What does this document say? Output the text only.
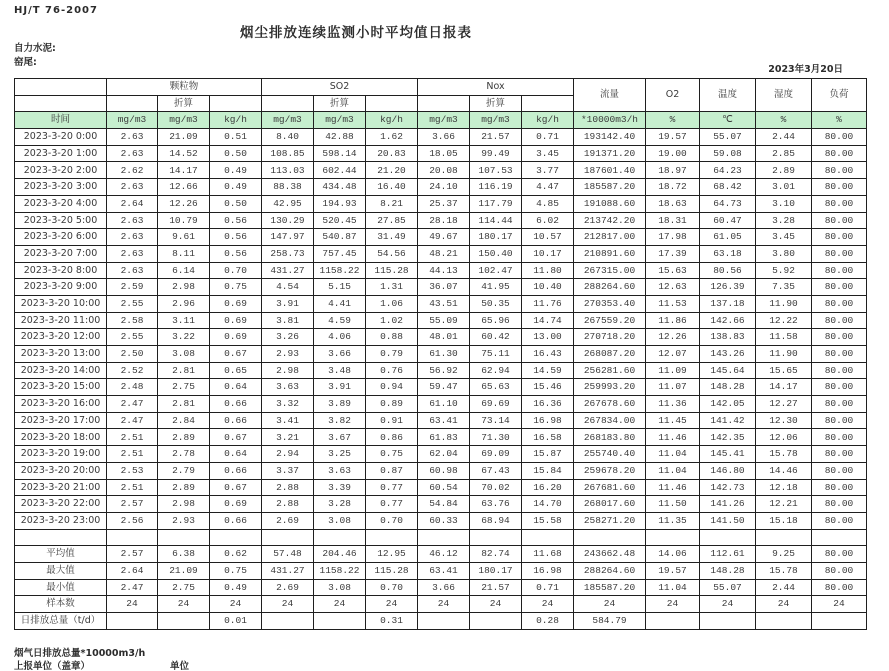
HJ/T 76-2007
烟尘排放连续监测小时平均值日报表
自力水泥:
窑尾:
2023年3月20日
	颗粒物			SO2			Nox			流量	O2	温度	湿度	负荷
		折算			折算			折算						
时间	mg/m3	mg/m3	kg/h	mg/m3	mg/m3	kg/h	mg/m3	mg/m3	kg/h	*10000m3/h	%	℃	%	%
2023-3-20 0:00	2.63	21.09	0.51	8.40	42.88	1.62	3.66	21.57	0.71	193142.40	19.57	55.07	2.44	80.00
2023-3-20 1:00	2.63	14.52	0.50	108.85	598.14	20.83	18.05	99.49	3.45	191371.20	19.00	59.08	2.85	80.00
2023-3-20 2:00	2.62	14.17	0.49	113.03	602.44	21.20	20.08	107.53	3.77	187601.40	18.97	64.23	2.89	80.00
2023-3-20 3:00	2.63	12.66	0.49	88.38	434.48	16.40	24.10	116.19	4.47	185587.20	18.72	68.42	3.01	80.00
2023-3-20 4:00	2.64	12.26	0.50	42.95	194.93	8.21	25.37	117.79	4.85	191088.60	18.63	64.73	3.10	80.00
2023-3-20 5:00	2.63	10.79	0.56	130.29	520.45	27.85	28.18	114.44	6.02	213742.20	18.31	60.47	3.28	80.00
2023-3-20 6:00	2.63	9.61	0.56	147.97	540.87	31.49	49.67	180.17	10.57	212817.00	17.98	61.05	3.45	80.00
2023-3-20 7:00	2.63	8.11	0.56	258.73	757.45	54.56	48.21	150.40	10.17	210891.60	17.39	63.18	3.80	80.00
2023-3-20 8:00	2.63	6.14	0.70	431.27	1158.22	115.28	44.13	102.47	11.80	267315.00	15.63	80.56	5.92	80.00
2023-3-20 9:00	2.59	2.98	0.75	4.54	5.15	1.31	36.07	41.95	10.40	288264.60	12.63	126.39	7.35	80.00
2023-3-20 10:00	2.55	2.96	0.69	3.91	4.41	1.06	43.51	50.35	11.76	270353.40	11.53	137.18	11.90	80.00
2023-3-20 11:00	2.58	3.11	0.69	3.81	4.59	1.02	55.09	65.96	14.74	267559.20	11.86	142.66	12.22	80.00
2023-3-20 12:00	2.55	3.22	0.69	3.26	4.06	0.88	48.01	60.42	13.00	270718.20	12.26	138.83	11.58	80.00
2023-3-20 13:00	2.50	3.08	0.67	2.93	3.66	0.79	61.30	75.11	16.43	268087.20	12.07	143.26	11.90	80.00
2023-3-20 14:00	2.52	2.81	0.65	2.98	3.48	0.76	56.92	62.94	14.59	256281.60	11.09	145.64	15.65	80.00
2023-3-20 15:00	2.48	2.75	0.64	3.63	3.91	0.94	59.47	65.63	15.46	259993.20	11.07	148.28	14.17	80.00
2023-3-20 16:00	2.47	2.81	0.66	3.32	3.89	0.89	61.10	69.69	16.36	267678.60	11.36	142.05	12.27	80.00
2023-3-20 17:00	2.47	2.84	0.66	3.41	3.82	0.91	63.41	73.14	16.98	267834.00	11.45	141.42	12.30	80.00
2023-3-20 18:00	2.51	2.89	0.67	3.21	3.67	0.86	61.83	71.30	16.58	268183.80	11.46	142.35	12.06	80.00
2023-3-20 19:00	2.51	2.78	0.64	2.94	3.25	0.75	62.04	69.09	15.87	255740.40	11.04	145.41	15.78	80.00
2023-3-20 20:00	2.53	2.79	0.66	3.37	3.63	0.87	60.98	67.43	15.84	259678.20	11.04	146.80	14.46	80.00
2023-3-20 21:00	2.51	2.89	0.67	2.88	3.39	0.77	60.54	70.02	16.20	267681.60	11.46	142.73	12.18	80.00
2023-3-20 22:00	2.57	2.98	0.69	2.88	3.28	0.77	54.84	63.76	14.70	268017.60	11.50	141.26	12.21	80.00
2023-3-20 23:00	2.56	2.93	0.66	2.69	3.08	0.70	60.33	68.94	15.58	258271.20	11.35	141.50	15.18	80.00

平均值	2.57	6.38	0.62	57.48	204.46	12.95	46.12	82.74	11.68	243662.48	14.06	112.61	9.25	80.00
最大值	2.64	21.09	0.75	431.27	1158.22	115.28	63.41	180.17	16.98	288264.60	19.57	148.28	15.78	80.00
最小值	2.47	2.75	0.49	2.69	3.08	0.70	3.66	21.57	0.71	185587.20	11.04	55.07	2.44	80.00
样本数	24	24	24	24	24	24	24	24	24	24	24	24	24	24
日排放总量（t/d）			0.01			0.31			0.28	584.79				
烟气日排放总量*10000m3/h
上报单位（盖章）	单位
